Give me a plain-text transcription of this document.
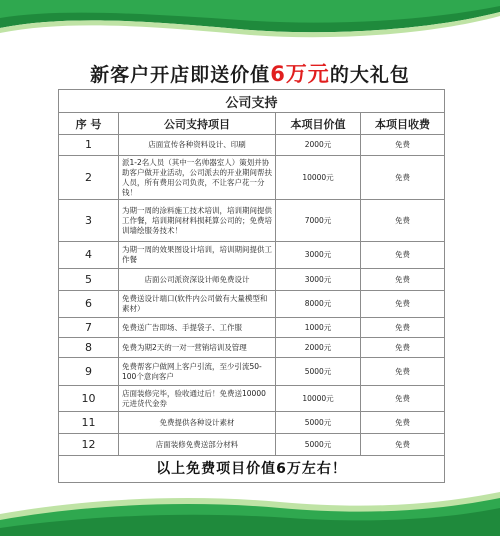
新客户开店即送价值6万元的大礼包
公司支持			
序 号	公司支持项目	本项目价值	本项目收费
1	店面宣传各种资料设计、印刷	2000元	免费
2	派1-2名人员（其中一名帅器室人）策划并协助客户做开业活动，公司派去的开业期间帮扶人员，所有费用公司负责，不让客户花一分钱！	10000元	免费
3	为期一周的涂料施工技术培训，培训期间提供工作餐，培训期间材料损耗算公司的；免费培训墙绘服务技术！	7000元	免费
4	为期一周的效果图设计培训，培训期间提供工作餐	3000元	免费
5	店面公司派资深设计师免费设计	3000元	免费
6	免费送设计端口(软件内公司做有大量模型和素材）	8000元	免费
7	免费送广告即场、手提袋子、工作服	1000元	免费
8	免费为期2天的一对一营销培训及管理	2000元	免费
9	免费帮客户做网上客户引流，至少引流50-100个意向客户	5000元	免费
10	店面装修完毕，验收通过后！免费送10000元进货代金券	10000元	免费
11	免费提供各种设计素材	5000元	免费
12	店面装修免费送部分材料	5000元	免费
以上免费项目价值6万左右！			
